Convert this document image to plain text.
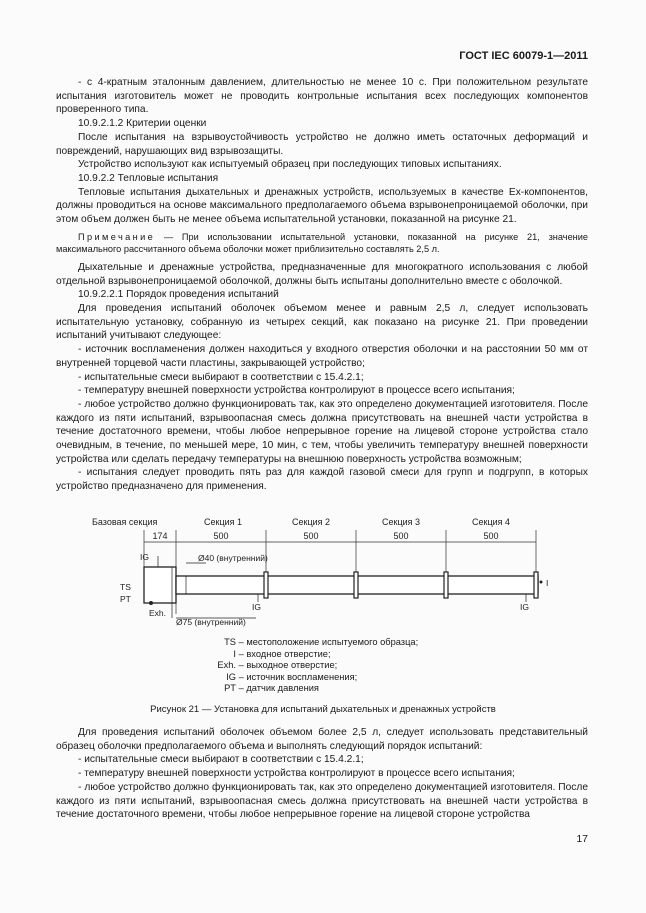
ГОСТ IEC 60079-1—2011

- с 4-кратным эталонным давлением, длительностью не менее 10 с. При положительном результате испытания изготовитель может не проводить контрольные испытания всех последующих компонентов проверенного типа.

10.9.2.1.2 Критерии оценки

После испытания на взрывоустойчивость устройство не должно иметь остаточных деформаций и повреждений, нарушающих вид взрывозащиты.

Устройство используют как испытуемый образец при последующих типовых испытаниях.

10.9.2.2 Тепловые испытания

Тепловые испытания дыхательных и дренажных устройств, используемых в качестве Ex-компонентов, должны проводиться на основе максимального предполагаемого объема взрывонепроницаемой оболочки, при этом объем должен быть не менее объема испытательной установки, показанной на рисунке 21.

Примечание — При использовании испытательной установки, показанной на рисунке 21, значение максимального рассчитанного объема оболочки может приблизительно составлять 2,5 л.

Дыхательные и дренажные устройства, предназначенные для многократного использования с любой отдельной взрывонепроницаемой оболочкой, должны быть испытаны дополнительно вместе с оболочкой.

10.9.2.2.1 Порядок проведения испытаний

Для проведения испытаний оболочек объемом менее и равным 2,5 л, следует использовать испытательную установку, собранную из четырех секций, как показано на рисунке 21. При проведении испытаний учитывают следующее:

- источник воспламенения должен находиться у входного отверстия оболочки и на расстоянии 50 мм от внутренней торцевой части пластины, закрывающей устройство;

- испытательные смеси выбирают в соответствии с 15.4.2.1;

- температуру внешней поверхности устройства контролируют в процессе всего испытания;

- любое устройство должно функционировать так, как это определено документацией изготовителя. После каждого из пяти испытаний, взрывоопасная смесь должна присутствовать на внешней части устройства в течение достаточного времени, чтобы любое непрерывное горение на лицевой стороне устройства стало очевидным, в течение, по меньшей мере, 10 мин, с тем, чтобы увеличить температуру внешней поверхности устройства или сделать передачу температуры на внешнюю поверхность устройства возможным;

- испытания следует проводить пять раз для каждой газовой смеси для групп и подгрупп, в которых устройство предназначено для применения.

Базовая секция	Секция 1	Секция 2	Секция 3	Секция 4
174	500	500	500	500
IG
TS
PT
Exh.
IG	IG
I
Ø40 (внутренний)
Ø75 (внутренний)
TS – местоположение испытуемого образца;
I – входное отверстие;
Exh. – выходное отверстие;
IG – источник воспламенения;
PT – датчик давления
Рисунок 21 — Установка для испытаний дыхательных и дренажных устройств

Для проведения испытаний оболочек объемом более 2,5 л, следует использовать представительный образец оболочки предполагаемого объема и выполнять следующий порядок испытаний:

- испытательные смеси выбирают в соответствии с 15.4.2.1;

- температуру внешней поверхности устройства контролируют в процессе всего испытания;

- любое устройство должно функционировать так, как это определено документацией изготовителя. После каждого из пяти испытаний, взрывоопасная смесь должна присутствовать на внешней части устройства в течение достаточного времени, чтобы любое непрерывное горение на лицевой стороне устройства

17
